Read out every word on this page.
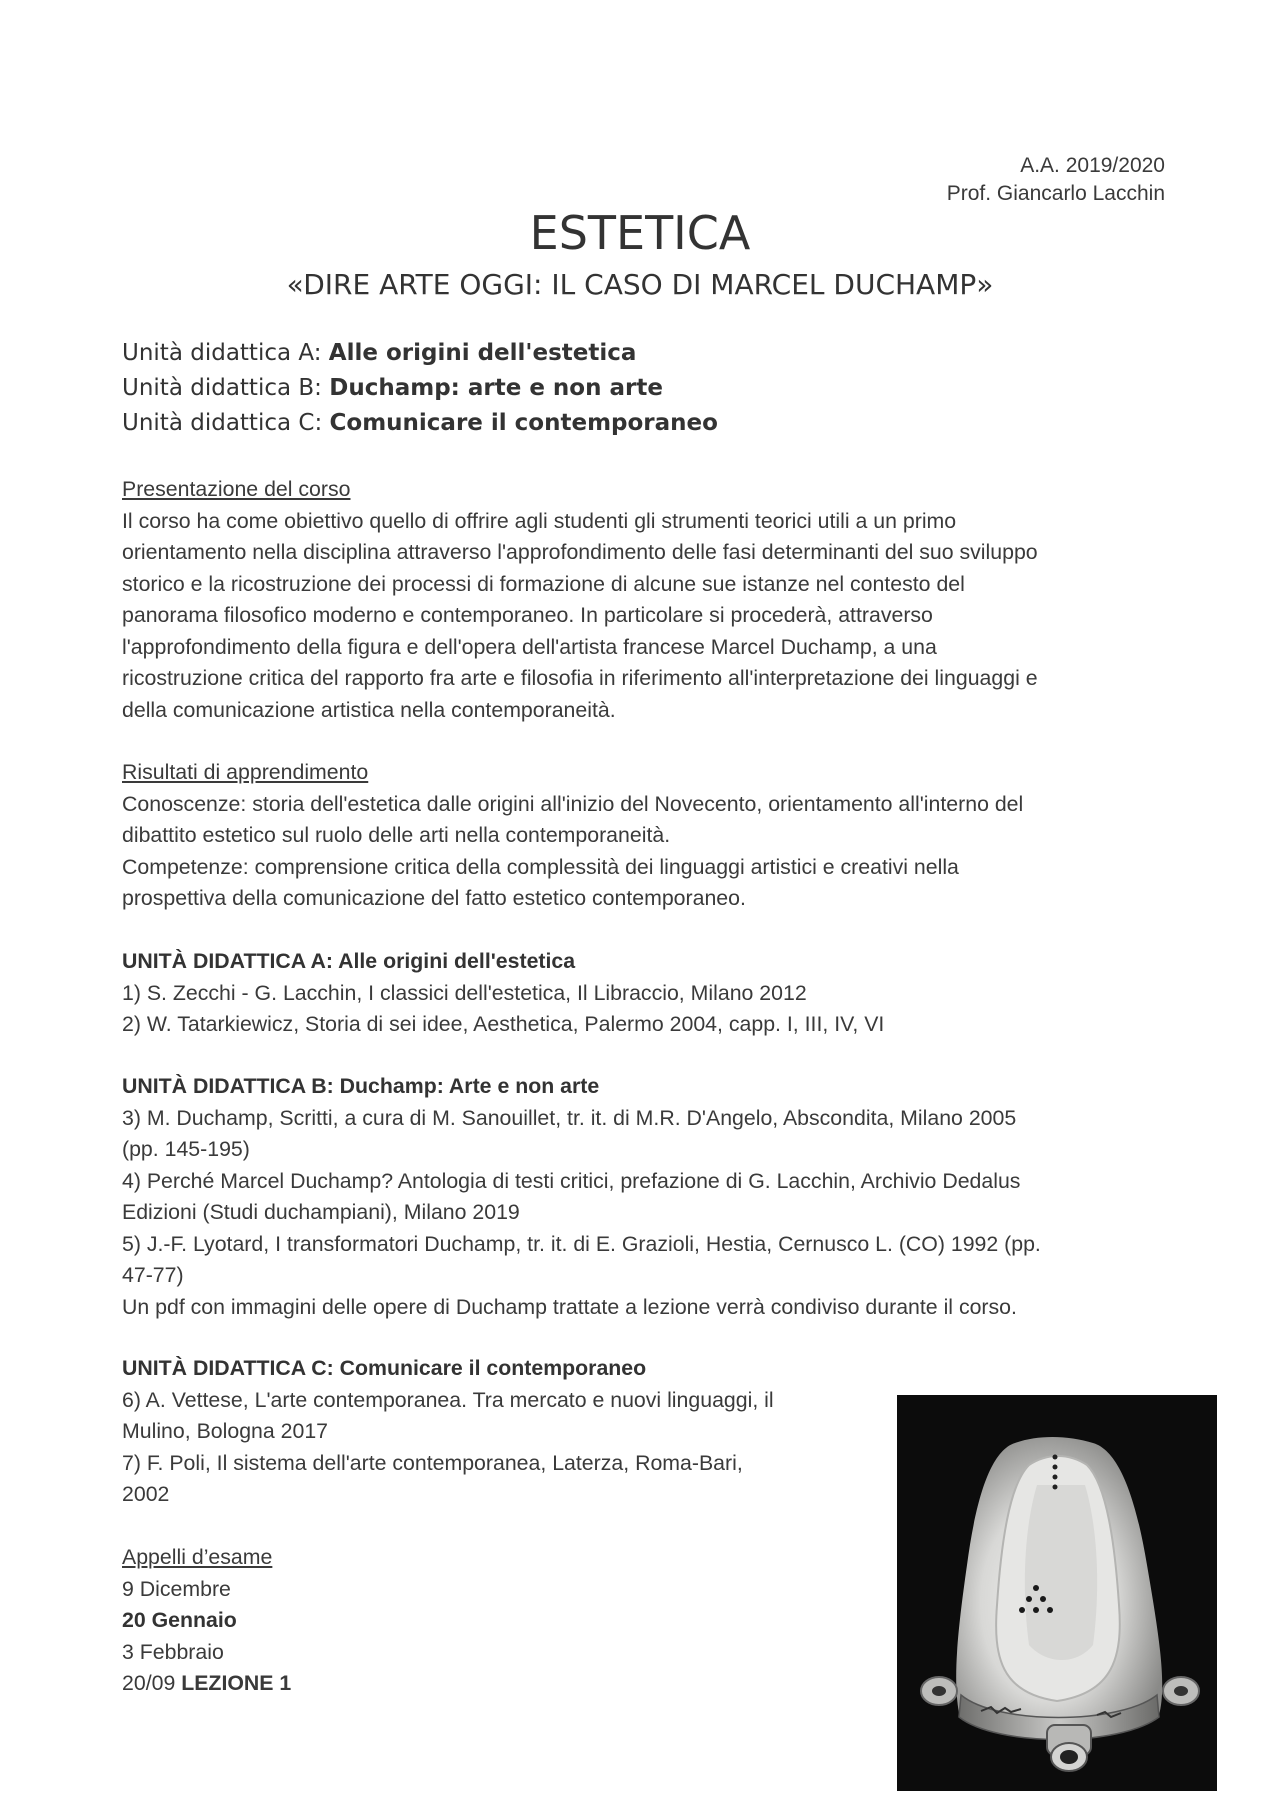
A.A. 2019/2020
Prof. Giancarlo Lacchin
ESTETICA
«DIRE ARTE OGGI: IL CASO DI MARCEL DUCHAMP»
Unità didattica A: Alle origini dell'estetica
Unità didattica B: Duchamp: arte e non arte
Unità didattica C: Comunicare il contemporaneo

Presentazione del corso

Il corso ha come obiettivo quello di offrire agli studenti gli strumenti teorici utili a un primo

orientamento nella disciplina attraverso l'approfondimento delle fasi determinanti del suo sviluppo

storico e la ricostruzione dei processi di formazione di alcune sue istanze nel contesto del

panorama filosofico moderno e contemporaneo. In particolare si procederà, attraverso

l'approfondimento della figura e dell'opera dell'artista francese Marcel Duchamp, a una

ricostruzione critica del rapporto fra arte e filosofia in riferimento all'interpretazione dei linguaggi e

della comunicazione artistica nella contemporaneità.

Risultati di apprendimento

Conoscenze: storia dell'estetica dalle origini all'inizio del Novecento, orientamento all'interno del

dibattito estetico sul ruolo delle arti nella contemporaneità.

Competenze: comprensione critica della complessità dei linguaggi artistici e creativi nella

prospettiva della comunicazione del fatto estetico contemporaneo.

UNITÀ DIDATTICA A: Alle origini dell'estetica

1) S. Zecchi - G. Lacchin, I classici dell'estetica, Il Libraccio, Milano 2012

2) W. Tatarkiewicz, Storia di sei idee, Aesthetica, Palermo 2004, capp. I, III, IV, VI

UNITÀ DIDATTICA B: Duchamp: Arte e non arte

3) M. Duchamp, Scritti, a cura di M. Sanouillet, tr. it. di M.R. D'Angelo, Abscondita, Milano 2005

(pp. 145-195)

4) Perché Marcel Duchamp? Antologia di testi critici, prefazione di G. Lacchin, Archivio Dedalus

Edizioni (Studi duchampiani), Milano 2019

5) J.-F. Lyotard, I transformatori Duchamp, tr. it. di E. Grazioli, Hestia, Cernusco L. (CO) 1992 (pp.

47-77)

Un pdf con immagini delle opere di Duchamp trattate a lezione verrà condiviso durante il corso.

UNITÀ DIDATTICA C: Comunicare il contemporaneo

6) A. Vettese, L'arte contemporanea. Tra mercato e nuovi linguaggi, il

Mulino, Bologna 2017

7) F. Poli, Il sistema dell'arte contemporanea, Laterza, Roma-Bari,

2002

Appelli d’esame

9 Dicembre

20 Gennaio

3 Febbraio

20/09 LEZIONE 1
